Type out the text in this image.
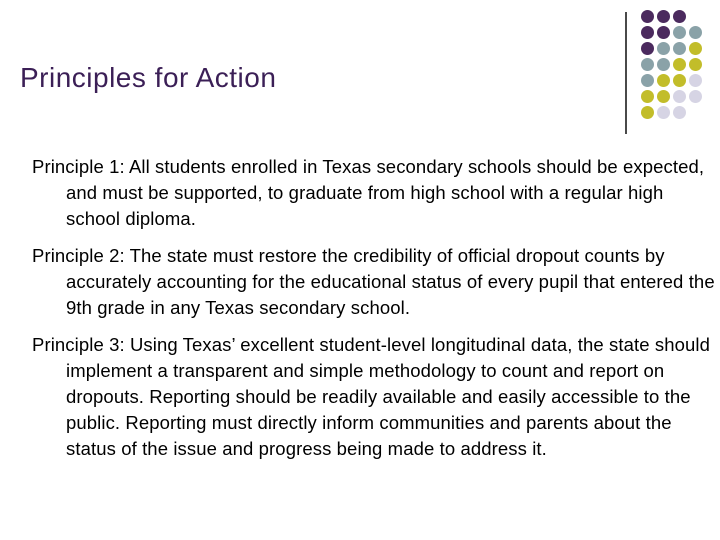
Principles for Action

Principle 1: All students enrolled in Texas secondary schools should be expected, and must be supported, to graduate from high school with a regular high school diploma.

Principle 2: The state must restore the credibility of official dropout counts by accurately accounting for the educational status of every pupil that entered the 9th grade in any Texas secondary school.

Principle 3: Using Texas’ excellent student-level longitudinal data, the state should implement a transparent and simple methodology to count and report on dropouts. Reporting should be readily available and easily accessible to the public. Reporting must directly inform communities and parents about the status of the issue and progress being made to address it.
